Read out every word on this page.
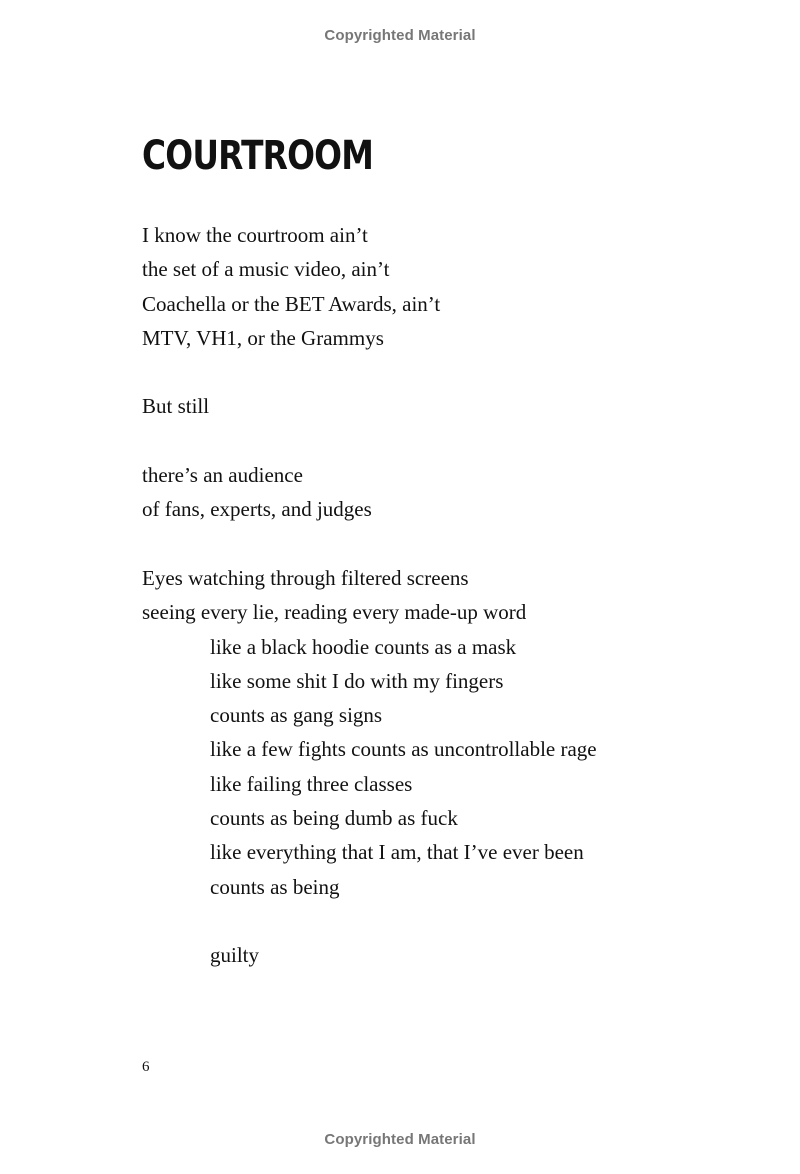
Copyrighted Material
COURTROOM
I know the courtroom ain’t
the set of a music video, ain’t
Coachella or the BET Awards, ain’t
MTV, VH1, or the Grammys
But still
there’s an audience
of fans, experts, and judges
Eyes watching through filtered screens
seeing every lie, reading every made-up word
like a black hoodie counts as a mask
like some shit I do with my fingers
counts as gang signs
like a few fights counts as uncontrollable rage
like failing three classes
counts as being dumb as fuck
like everything that I am, that I’ve ever been
counts as being
guilty
6
Copyrighted Material
